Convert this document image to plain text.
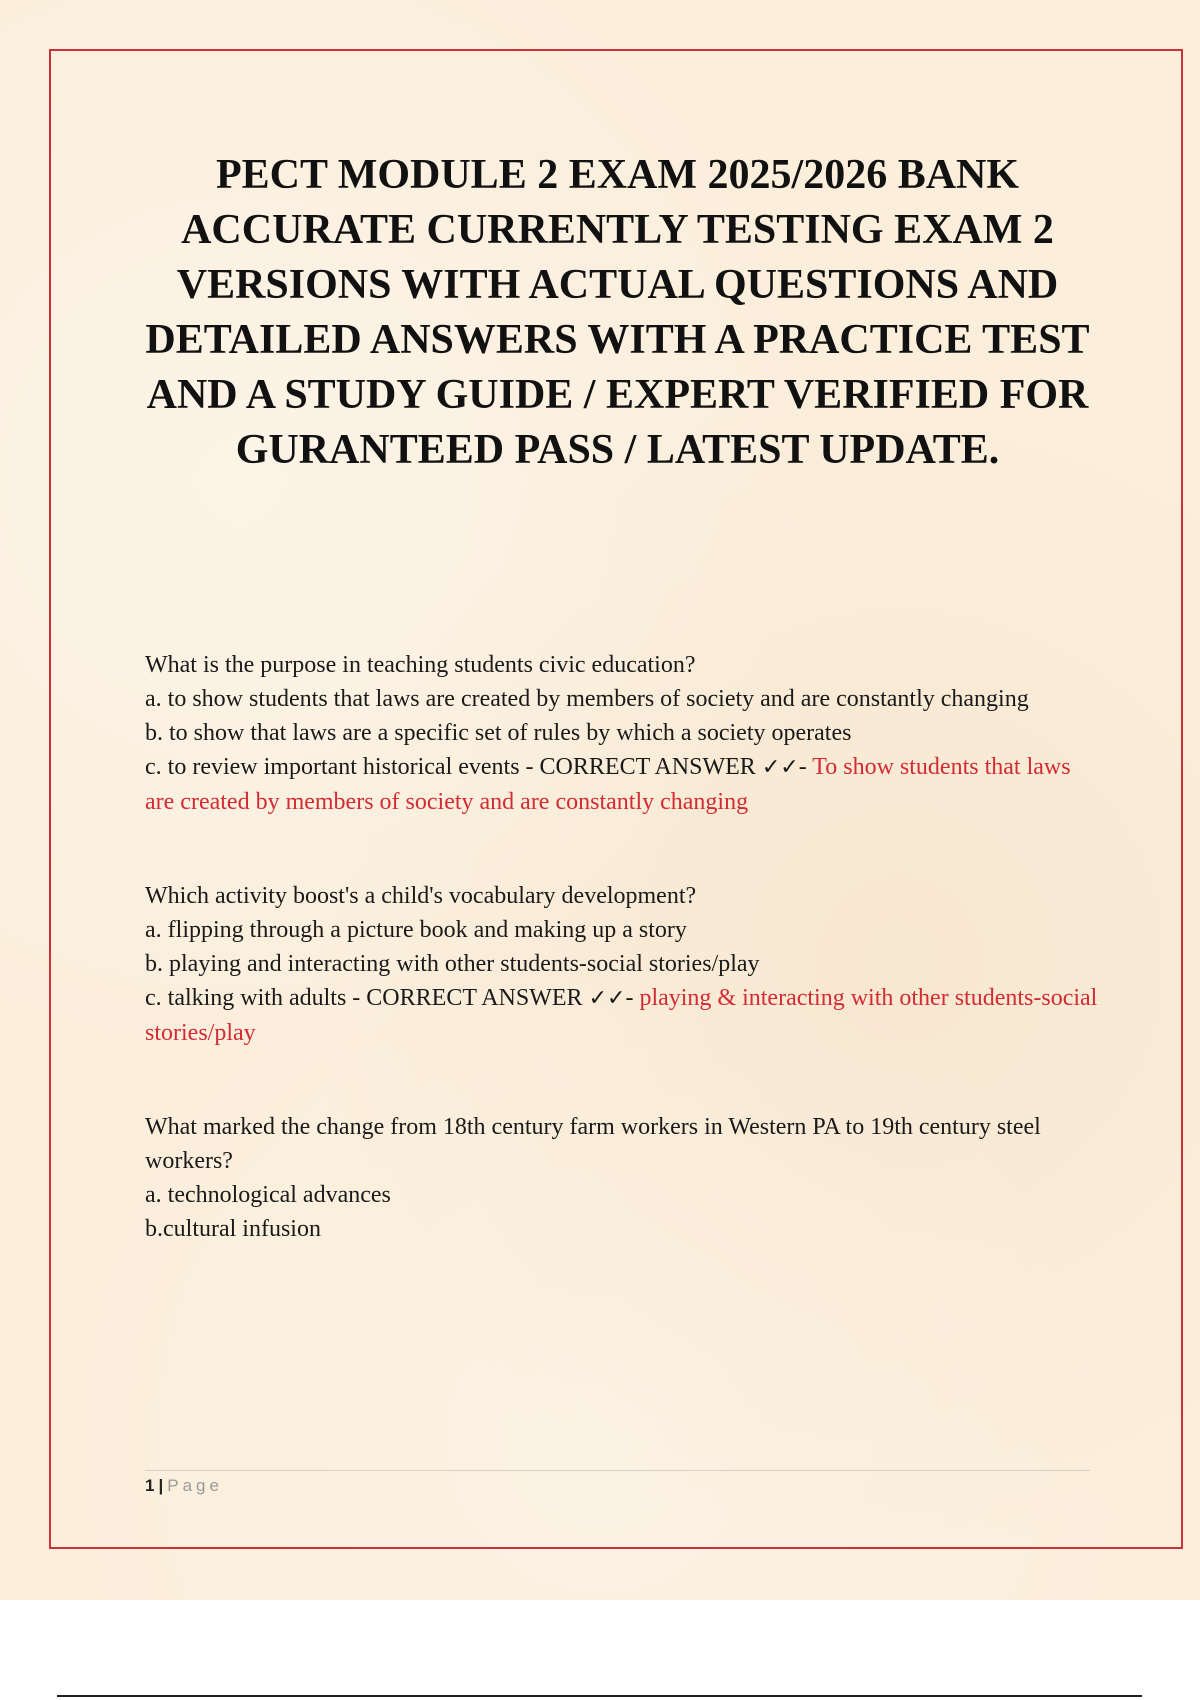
PECT MODULE 2 EXAM 2025/2026 BANK ACCURATE CURRENTLY TESTING EXAM 2 VERSIONS WITH ACTUAL QUESTIONS AND DETAILED ANSWERS WITH A PRACTICE TEST AND A STUDY GUIDE / EXPERT VERIFIED FOR GURANTEED PASS / LATEST UPDATE.

What is the purpose in teaching students civic education?

a. to show students that laws are created by members of society and are constantly changing

b. to show that laws are a specific set of rules by which a society operates

c. to review important historical events - CORRECT ANSWER ✓✓- To show students that laws are created by members of society and are constantly changing

Which activity boost's a child's vocabulary development?

a. flipping through a picture book and making up a story

b. playing and interacting with other students-social stories/play

c. talking with adults - CORRECT ANSWER ✓✓- playing & interacting with other students-social stories/play

What marked the change from 18th century farm workers in Western PA to 19th century steel workers?

a. technological advances

b.cultural infusion

1 | Page
